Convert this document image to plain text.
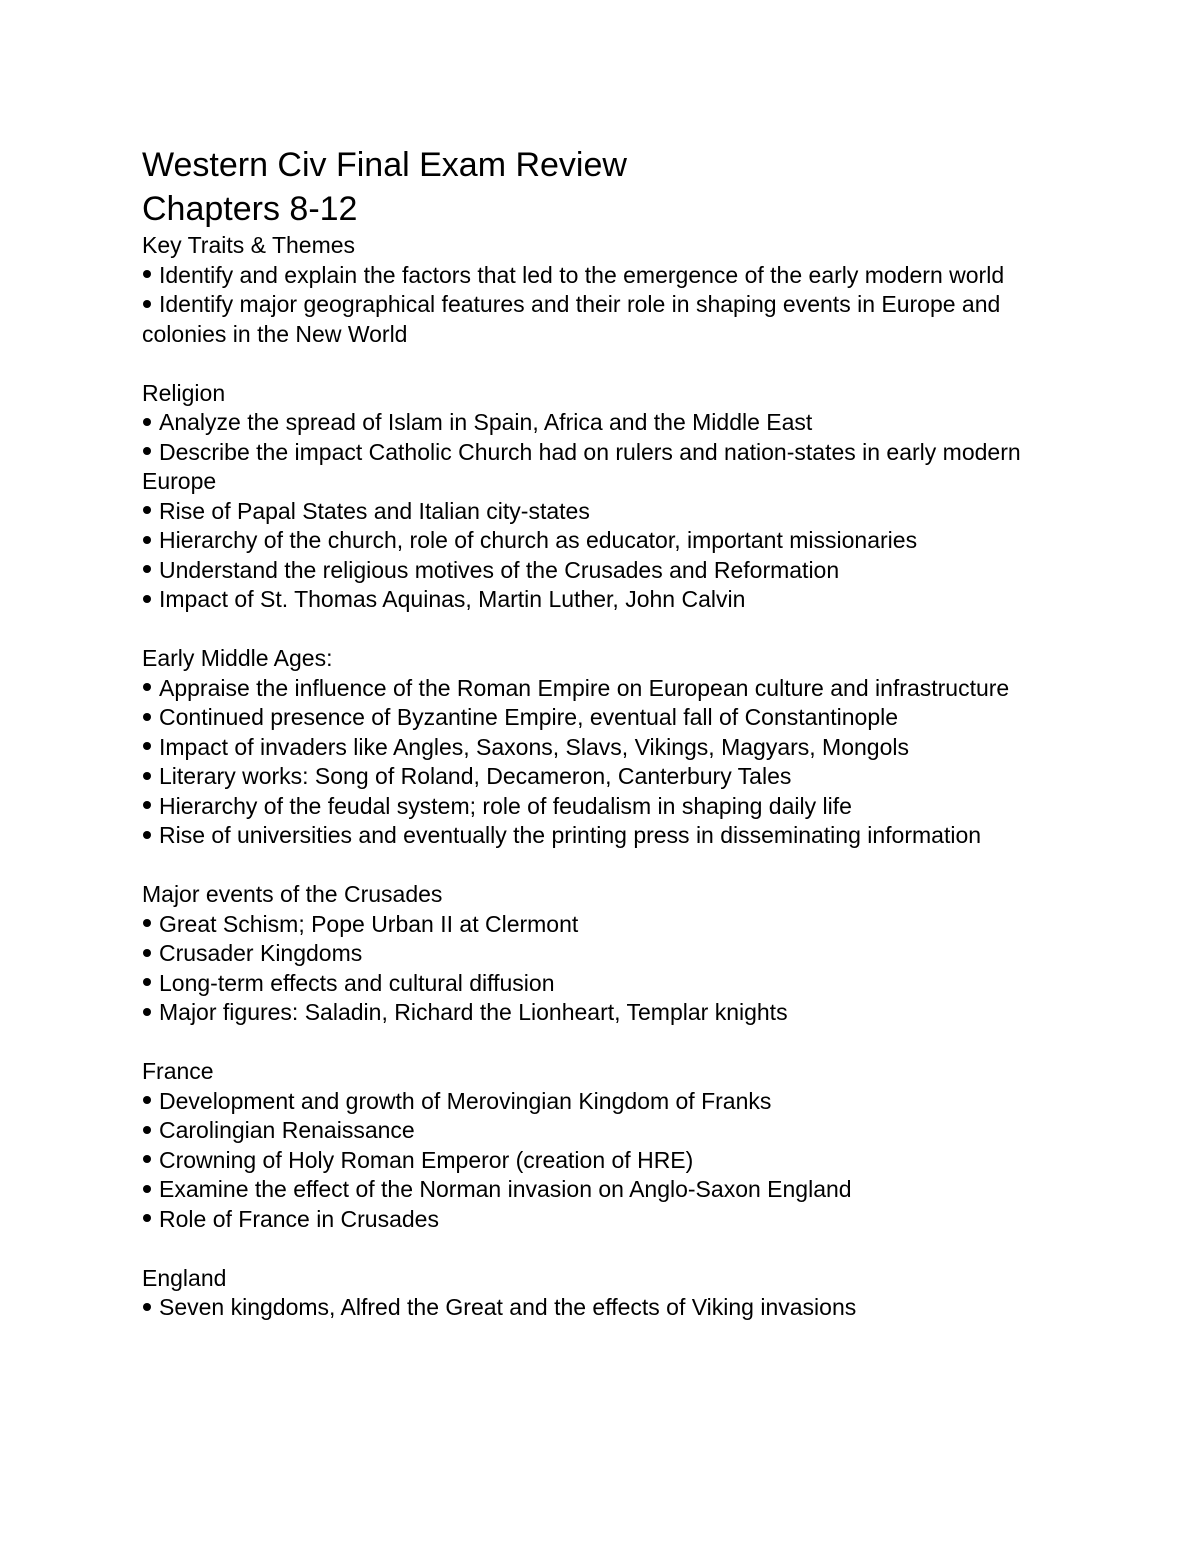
Western Civ Final Exam Review
Chapters 8-12

Key Traits & Themes

Identify and explain the factors that led to the emergence of the early modern world
Identify major geographical features and their role in shaping events in Europe and colonies in the New World

Religion

Analyze the spread of Islam in Spain, Africa and the Middle East
Describe the impact Catholic Church had on rulers and nation-states in early modern Europe
Rise of Papal States and Italian city-states
Hierarchy of the church, role of church as educator, important missionaries
Understand the religious motives of the Crusades and Reformation
Impact of St. Thomas Aquinas, Martin Luther, John Calvin

Early Middle Ages:

Appraise the influence of the Roman Empire on European culture and infrastructure
Continued presence of Byzantine Empire, eventual fall of Constantinople
Impact of invaders like Angles, Saxons, Slavs, Vikings, Magyars, Mongols
Literary works: Song of Roland, Decameron, Canterbury Tales
Hierarchy of the feudal system; role of feudalism in shaping daily life
Rise of universities and eventually the printing press in disseminating information

Major events of the Crusades

Great Schism; Pope Urban II at Clermont
Crusader Kingdoms
Long-term effects and cultural diffusion
Major figures: Saladin, Richard the Lionheart, Templar knights

France

Development and growth of Merovingian Kingdom of Franks
Carolingian Renaissance
Crowning of Holy Roman Emperor (creation of HRE)
Examine the effect of the Norman invasion on Anglo-Saxon England
Role of France in Crusades

England

Seven kingdoms, Alfred the Great and the effects of Viking invasions
